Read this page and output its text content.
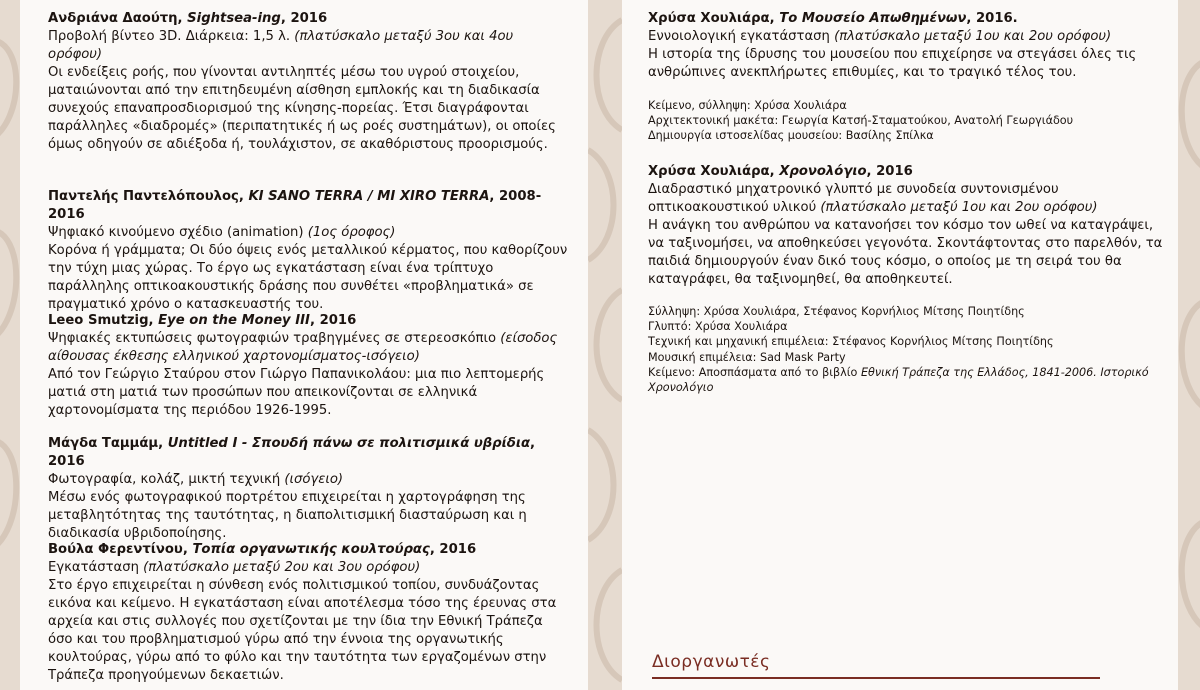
Ανδριάνα Δαούτη, Sightsea-ing, 2016
Προβολή βίντεο 3D. Διάρκεια: 1,5 λ. (πλατύσκαλο μεταξύ 3ου και 4ου ορόφου)
Οι ενδείξεις ροής, που γίνονται αντιληπτές μέσω του υγρού στοιχείου, ματαιώνονται από την επιτηδευμένη αίσθηση εμπλοκής και τη διαδικασία συνεχούς επαναπροσδιορισμού της κίνησης-πορείας. Έτσι διαγράφονται παράλληλες «διαδρομές» (περιπατητικές ή ως ροές συστημάτων), οι οποίες όμως οδηγούν σε αδιέξοδα ή, τουλάχιστον, σε ακαθόριστους προορισμούς.
Παντελής Παντελόπουλος, KI SANO TERRA / MI XIRO TERRA, 2008-2016
Ψηφιακό κινούμενο σχέδιο (animation) (1ος όροφος)
Κορόνα ή γράμματα; Οι δύο όψεις ενός μεταλλικού κέρματος, που καθορίζουν την τύχη μιας χώρας. Το έργο ως εγκατάσταση είναι ένα τρίπτυχο παράλληλης οπτικοακουστικής δράσης που συνθέτει «προβληματικά» σε πραγματικό χρόνο ο κατασκευαστής του.
Leeo Smutzig, Eye on the Money III, 2016
Ψηφιακές εκτυπώσεις φωτογραφιών τραβηγμένες σε στερεοσκόπιο (είσοδος αίθουσας έκθεσης ελληνικού χαρτονομίσματος-ισόγειο)
Από τον Γεώργιο Σταύρου στον Γιώργο Παπανικολάου: μια πιο λεπτομερής ματιά στη ματιά των προσώπων που απεικονίζονται σε ελληνικά χαρτονομίσματα της περιόδου 1926-1995.
Μάγδα Ταμμάμ, Untitled I - Σπουδή πάνω σε πολιτισμικά υβρίδια, 2016
Φωτογραφία, κολάζ, μικτή τεχνική (ισόγειο)
Μέσω ενός φωτογραφικού πορτρέτου επιχειρείται η χαρτογράφηση της μεταβλητότητας της ταυτότητας, η διαπολιτισμική διασταύρωση και η διαδικασία υβριδοποίησης.
Βούλα Φερεντίνου, Τοπία οργανωτικής κουλτούρας, 2016
Εγκατάσταση (πλατύσκαλο μεταξύ 2ου και 3ου ορόφου)
Στο έργο επιχειρείται η σύνθεση ενός πολιτισμικού τοπίου, συνδυάζοντας εικόνα και κείμενο. Η εγκατάσταση είναι αποτέλεσμα τόσο της έρευνας στα αρχεία και στις συλλογές που σχετίζονται με την ίδια την Εθνική Τράπεζα όσο και του προβληματισμού γύρω από την έννοια της οργανωτικής κουλτούρας, γύρω από το φύλο και την ταυτότητα των εργαζομένων στην Τράπεζα προηγούμενων δεκαετιών.
Χρύσα Χουλιάρα, Το Μουσείο Απωθημένων, 2016.
Εννοιολογική εγκατάσταση (πλατύσκαλο μεταξύ 1ου και 2ου ορόφου)
Η ιστορία της ίδρυσης του μουσείου που επιχείρησε να στεγάσει όλες τις ανθρώπινες ανεκπλήρωτες επιθυμίες, και το τραγικό τέλος του.
Κείμενο, σύλληψη: Χρύσα Χουλιάρα
Αρχιτεκτονική μακέτα: Γεωργία Κατσή-Σταματούκου, Ανατολή Γεωργιάδου
Δημιουργία ιστοσελίδας μουσείου: Βασίλης Σπίλκα
Χρύσα Χουλιάρα, Χρονολόγιο, 2016
Διαδραστικό μηχατρονικό γλυπτό με συνοδεία συντονισμένου οπτικοακουστικού υλικού (πλατύσκαλο μεταξύ 1ου και 2ου ορόφου)
Η ανάγκη του ανθρώπου να κατανοήσει τον κόσμο τον ωθεί να καταγράψει, να ταξινομήσει, να αποθηκεύσει γεγονότα. Σκοντάφτοντας στο παρελθόν, τα παιδιά δημιουργούν έναν δικό τους κόσμο, ο οποίος με τη σειρά του θα καταγράφει, θα ταξινομηθεί, θα αποθηκευτεί.
Σύλληψη: Χρύσα Χουλιάρα, Στέφανος Κορνήλιος Μίτσης Ποιητίδης
Γλυπτό: Χρύσα Χουλιάρα
Τεχνική και μηχανική επιμέλεια: Στέφανος Κορνήλιος Μίτσης Ποιητίδης
Μουσική επιμέλεια: Sad Mask Party
Κείμενο: Αποσπάσματα από το βιβλίο Εθνική Τράπεζα της Ελλάδος, 1841-2006. Ιστορικό Χρονολόγιο
Διοργανωτές
